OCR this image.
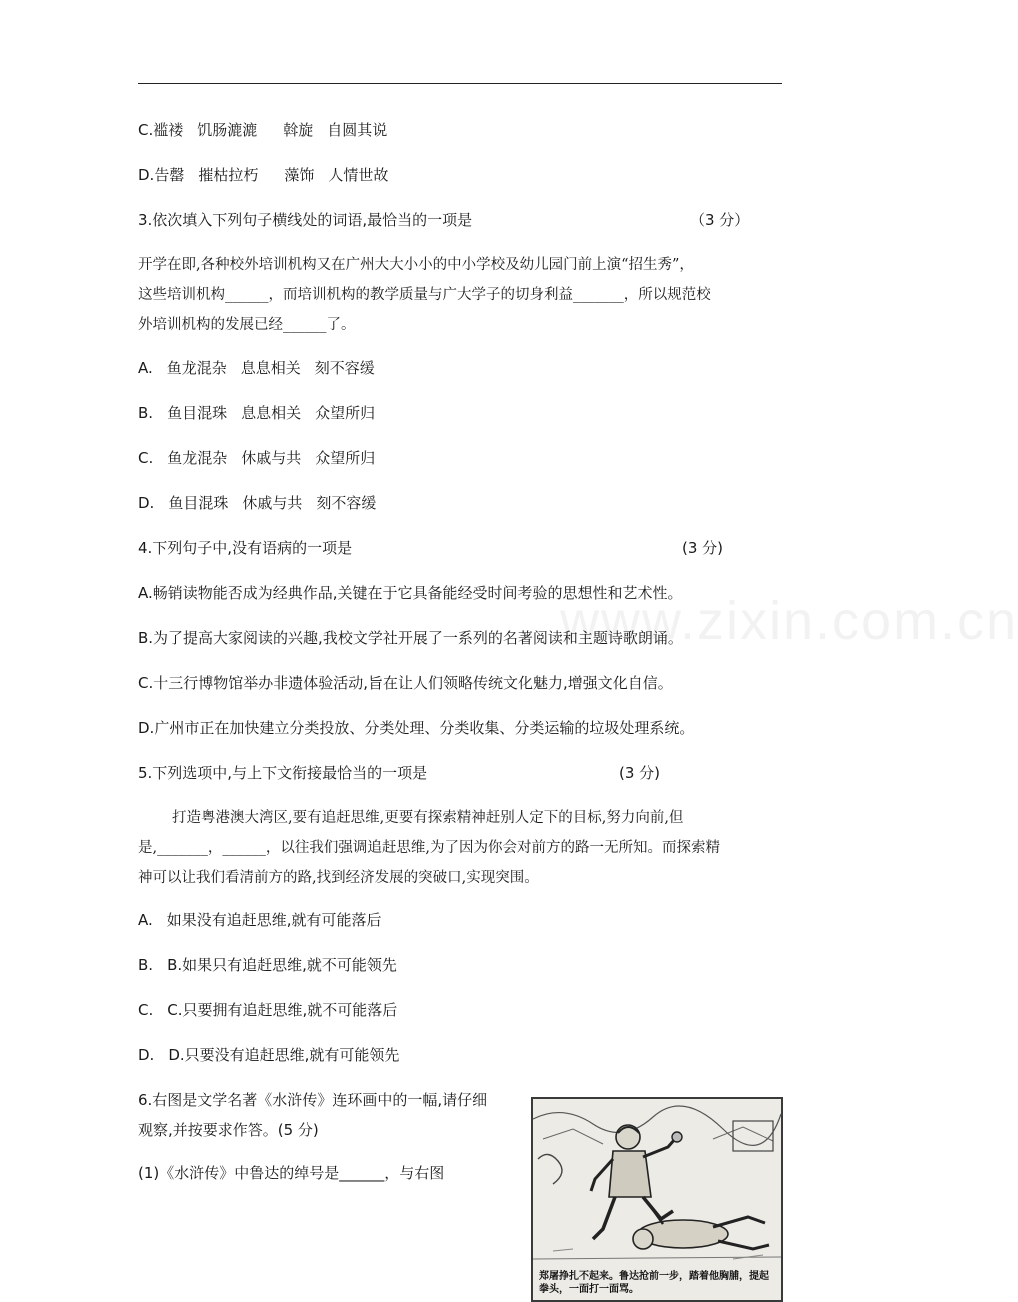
www.zixin.com.cn
C.褴褛 饥肠漉漉 斡旋 自圆其说
D.告罄 摧枯拉朽 藻饰 人情世故
3.依次填入下列句子横线处的词语,最恰当的一项是	（3 分）
开学在即,各种校外培训机构又在广州大大小小的中小学校及幼儿园门前上演“招生秀”，
这些培训机构______，而培训机构的教学质量与广大学子的切身利益_______，所以规范校
外培训机构的发展已经______了。
A. 鱼龙混杂 息息相关 刻不容缓
B. 鱼目混珠 息息相关 众望所归
C. 鱼龙混杂 休戚与共 众望所归
D. 鱼目混珠 休戚与共 刻不容缓
4.下列句子中,没有语病的一项是	(3 分)
A.畅销读物能否成为经典作品,关键在于它具备能经受时间考验的思想性和艺术性。
B.为了提高大家阅读的兴趣,我校文学社开展了一系列的名著阅读和主题诗歌朗诵。
C.十三行博物馆举办非遗体验活动,旨在让人们领略传统文化魅力,增强文化自信。
D.广州市正在加快建立分类投放、分类处理、分类收集、分类运输的垃圾处理系统。
5.下列选项中,与上下文衔接最恰当的一项是	(3 分)
打造粤港澳大湾区,要有追赶思维,更要有探索精神赶别人定下的目标,努力向前,但
是,_______，______，以往我们强调追赶思维,为了因为你会对前方的路一无所知。而探索精
神可以让我们看清前方的路,找到经济发展的突破口,实现突围。
A. 如果没有追赶思维,就有可能落后
B. B.如果只有追赶思维,就不可能领先
C. C.只要拥有追赶思维,就不可能落后
D. D.只要没有追赶思维,就有可能领先
6.右图是文学名著《水浒传》连环画中的一幅,请仔细
观察,并按要求作答。(5 分)
(1)《水浒传》中鲁达的绰号是______，与右图
郑屠挣扎不起来。鲁达抢前一步，踏着他胸脯，提起拳头，一面打一面骂。
